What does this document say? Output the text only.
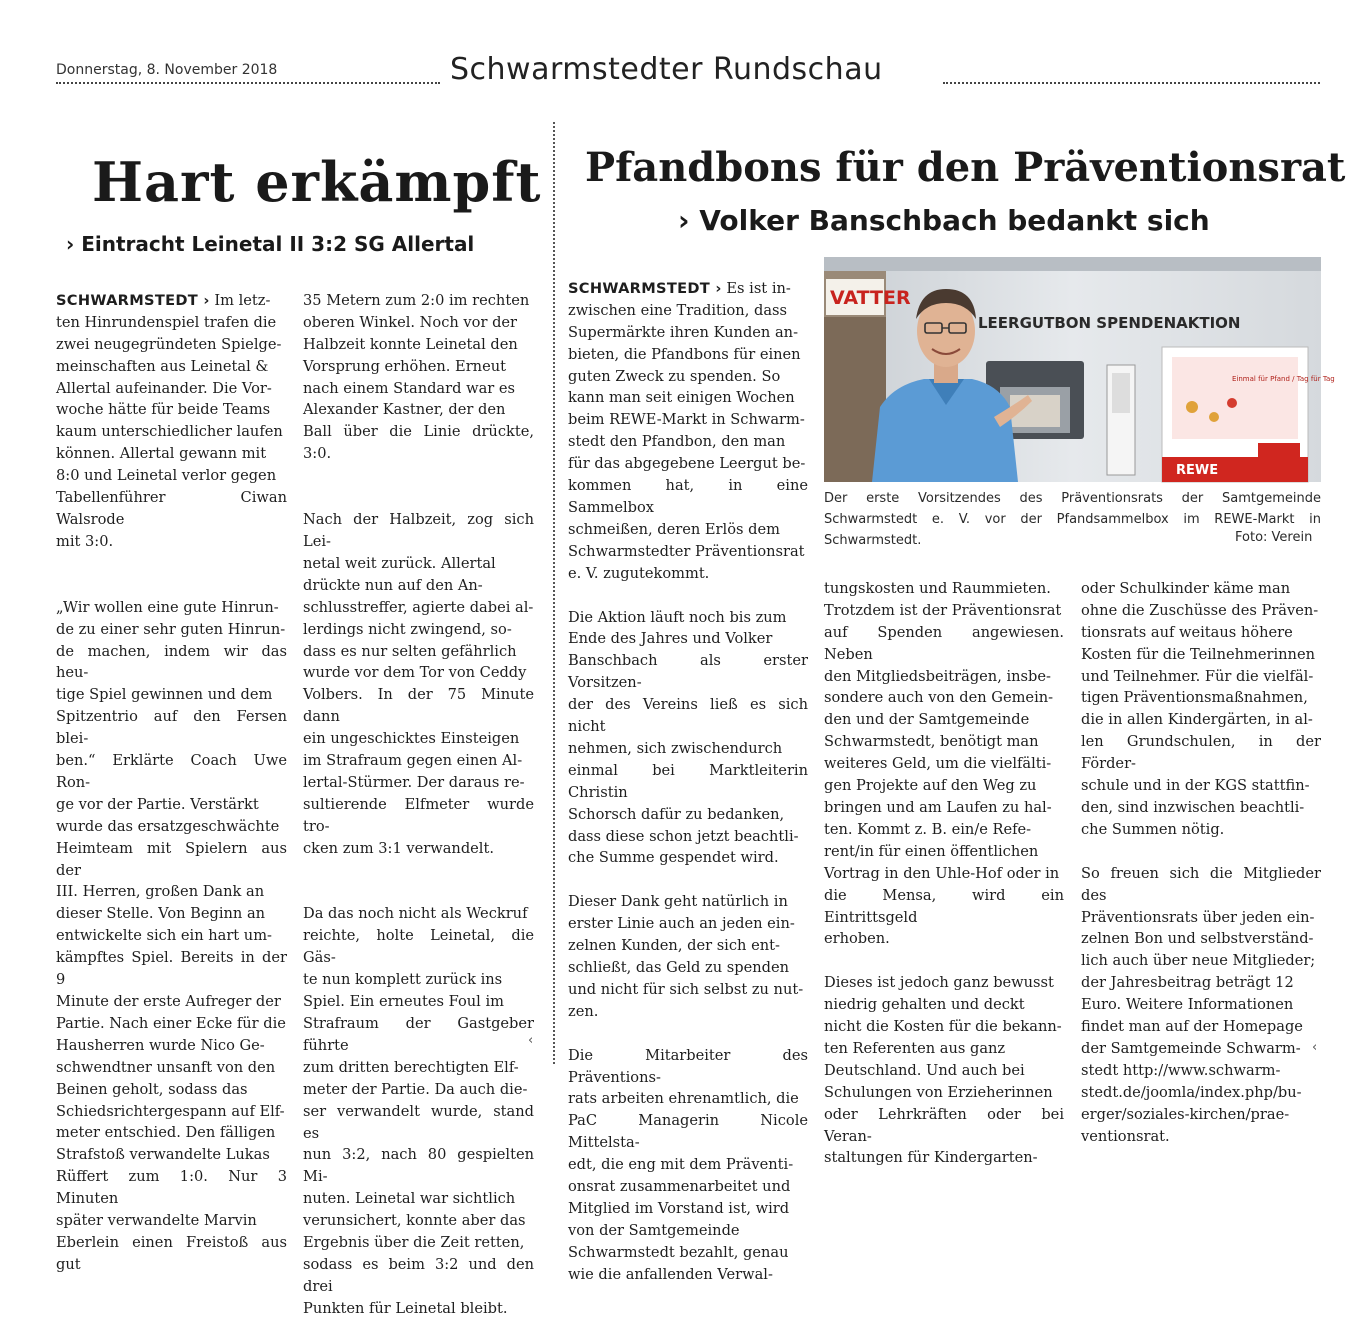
Donnerstag, 8. November 2018	Schwarmstedter Rundschau
Hart erkämpft
› Eintracht Leinetal II 3:2 SG Allertal

SCHWARMSTEDT › Im letz-
ten Hinrundenspiel trafen die
zwei neugegründeten Spielge-
meinschaften aus Leinetal &
Allertal aufeinander. Die Vor-
woche hätte für beide Teams
kaum unterschiedlicher laufen
können. Allertal gewann mit
8:0 und Leinetal verlor gegen
Tabellenführer Ciwan Walsrode
mit 3:0.

„Wir wollen eine gute Hinrun-
de zu einer sehr guten Hinrun-
de machen, indem wir das heu-
tige Spiel gewinnen und dem
Spitzentrio auf den Fersen blei-
ben.“ Erklärte Coach Uwe Ron-
ge vor der Partie. Verstärkt
wurde das ersatzgeschwächte
Heimteam mit Spielern aus der
III. Herren, großen Dank an
dieser Stelle. Von Beginn an
entwickelte sich ein hart um-
kämpftes Spiel. Bereits in der 9
Minute der erste Aufreger der
Partie. Nach einer Ecke für die
Hausherren wurde Nico Ge-
schwendtner unsanft von den
Beinen geholt, sodass das
Schiedsrichtergespann auf Elf-
meter entschied. Den fälligen
Strafstoß verwandelte Lukas
Rüffert zum 1:0. Nur 3 Minuten
später verwandelte Marvin
Eberlein einen Freistoß aus gut

35 Metern zum 2:0 im rechten
oberen Winkel. Noch vor der
Halbzeit konnte Leinetal den
Vorsprung erhöhen. Erneut
nach einem Standard war es
Alexander Kastner, der den
Ball über die Linie drückte, 3:0.

Nach der Halbzeit, zog sich Lei-
netal weit zurück. Allertal
drückte nun auf den An-
schlusstreffer, agierte dabei al-
lerdings nicht zwingend, so-
dass es nur selten gefährlich
wurde vor dem Tor von Ceddy
Volbers. In der 75 Minute dann
ein ungeschicktes Einsteigen
im Strafraum gegen einen Al-
lertal-Stürmer. Der daraus re-
sultierende Elfmeter wurde tro-
cken zum 3:1 verwandelt.

Da das noch nicht als Weckruf
reichte, holte Leinetal, die Gäs-
te nun komplett zurück ins
Spiel. Ein erneutes Foul im
Strafraum der Gastgeber führte
zum dritten berechtigten Elf-
meter der Partie. Da auch die-
ser verwandelt wurde, stand es
nun 3:2, nach 80 gespielten Mi-
nuten. Leinetal war sichtlich
verunsichert, konnte aber das
Ergebnis über die Zeit retten,
sodass es beim 3:2 und den drei
Punkten für Leinetal bleibt.

‹
Pfandbons für den Präventionsrat
› Volker Banschbach bedankt sich

SCHWARMSTEDT › Es ist in-
zwischen eine Tradition, dass
Supermärkte ihren Kunden an-
bieten, die Pfandbons für einen
guten Zweck zu spenden. So
kann man seit einigen Wochen
beim REWE-Markt in Schwarm-
stedt den Pfandbon, den man
für das abgegebene Leergut be-
kommen hat, in eine Sammelbox
schmeißen, deren Erlös dem
Schwarmstedter Präventionsrat
e. V. zugutekommt.

Die Aktion läuft noch bis zum
Ende des Jahres und Volker
Banschbach als erster Vorsitzen-
der des Vereins ließ es sich nicht
nehmen, sich zwischendurch
einmal bei Marktleiterin Christin
Schorsch dafür zu bedanken,
dass diese schon jetzt beachtli-
che Summe gespendet wird.

Dieser Dank geht natürlich in
erster Linie auch an jeden ein-
zelnen Kunden, der sich ent-
schließt, das Geld zu spenden
und nicht für sich selbst zu nut-
zen.

Die Mitarbeiter des Präventions-
rats arbeiten ehrenamtlich, die
PaC Managerin Nicole Mittelsta-
edt, die eng mit dem Präventi-
onsrat zusammenarbeitet und
Mitglied im Vorstand ist, wird
von der Samtgemeinde
Schwarmstedt bezahlt, genau
wie die anfallenden Verwal-

VATTER
LEERGUTBON SPENDENAKTION
Einmal für Pfand / Tag für Tag
REWE
Der erste Vorsitzendes des Präventionsrats der Samtgemeinde Schwarmstedt e. V. vor der Pfandsammelbox im REWE-Markt in Schwarmstedt.	Foto: Verein

tungskosten und Raummieten.
Trotzdem ist der Präventionsrat
auf Spenden angewiesen. Neben
den Mitgliedsbeiträgen, insbe-
sondere auch von den Gemein-
den und der Samtgemeinde
Schwarmstedt, benötigt man
weiteres Geld, um die vielfälti-
gen Projekte auf den Weg zu
bringen und am Laufen zu hal-
ten. Kommt z. B. ein/e Refe-
rent/in für einen öffentlichen
Vortrag in den Uhle-Hof oder in
die Mensa, wird ein Eintrittsgeld
erhoben.

Dieses ist jedoch ganz bewusst
niedrig gehalten und deckt
nicht die Kosten für die bekann-
ten Referenten aus ganz
Deutschland. Und auch bei
Schulungen von Erzieherinnen
oder Lehrkräften oder bei Veran-
staltungen für Kindergarten-

oder Schulkinder käme man
ohne die Zuschüsse des Präven-
tionsrats auf weitaus höhere
Kosten für die Teilnehmerinnen
und Teilnehmer. Für die vielfäl-
tigen Präventionsmaßnahmen,
die in allen Kindergärten, in al-
len Grundschulen, in der Förder-
schule und in der KGS stattfin-
den, sind inzwischen beachtli-
che Summen nötig.

So freuen sich die Mitglieder des
Präventionsrats über jeden ein-
zelnen Bon und selbstverständ-
lich auch über neue Mitglieder;
der Jahresbeitrag beträgt 12
Euro. Weitere Informationen
findet man auf der Homepage
der Samtgemeinde Schwarm-
stedt http://www.schwarm-
stedt.de/joomla/index.php/bu-
erger/soziales-kirchen/prae-
ventionsrat.

‹
